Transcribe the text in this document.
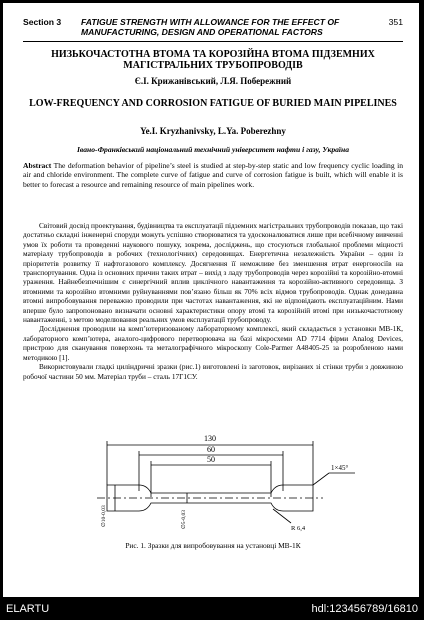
Section 3 FATIGUE STRENGTH WITH ALLOWANCE FOR THE EFFECT OF MANUFACTURING, DESIGN AND OPERATIONAL FACTORS
351
НИЗЬКОЧАСТОТНА ВТОМА ТА КОРОЗІЙНА ВТОМА ПІДЗЕМНИХ МАГІСТРАЛЬНИХ ТРУБОПРОВОДІВ
Є.І. Крижанівський, Л.Я. Побережний
LOW-FREQUENCY AND CORROSION FATIGUE OF BURIED MAIN PIPELINES
Ye.I. Kryzhanivsky, L.Ya. Poberezhny
Івано-Франківський національний технічний університет нафти і газу, Україна
Abstract The deformation behavior of pipeline’s steel is studied at step-by-step static and low frequency cyclic loading in air and chloride environment. The complete curve of fatigue and curve of corrosion fatigue is built, which will enable it is better to forecast a resource and remaining resource of main pipelines work.

Світовий досвід проектування, будівництва та експлуатації підземних магістральних трубопроводів показав, що такі достатньо складні інженерні споруди можуть успішно створюватися та удосконалюватися лише при всебічному вивченні умов їх роботи та проведенні наукового пошуку, зокрема, досліджень, що стосуються глобальної проблеми міцності матеріалу трубопроводів в робочих (технологічних) середовищах. Енергетична незалежність України – один із пріоритетів розвитку її нафтогазового комплексу. Досягнення її неможливе без зменшення втрат енергоносіїв на транспортування. Одна із основних причин таких втрат – вихід з ладу трубопроводів через корозійні та корозійно-втомні ураження. Найнебезпечнішим є синергічний вплив циклічного навантаження та корозійно-активного середовища. З втомними та корозійно втомними руйнуваннями пов’язано більш як 70% всіх відмов трубопроводів. Однак донедавна втомні випробовування переважно проводили при частотах навантаження, які не відповідають експлуатаційним. Нами вперше було запропоновано визначати основні характеристики опору втомі та корозійній втомі при низькочастотному навантаженні, з метою моделювання реальних умов експлуатації трубопроводу.

Дослідження проводили на комп’ютеризованому лабораторному комплексі, який складається з установки МВ-1К, лабораторного комп’ютера, аналого-цифрового перетворювача на базі мікросхеми AD 7714 фірми Analog Devices, пристрою для сканування поверхонь та металографічного мікроскопу Cole-Parmer A48405-25 за розробленою нами методикою [1].

Використовували гладкі циліндричні зразки (рис.1) виготовлені із заготовок, вирізаних зі стінки труби з довжиною робочої частини 50 мм. Матеріал труби – сталь 17Г1СУ.

130
60
50
1×45°
R 6,4
∅10-0,03	∅5-0,03
Рис. 1. Зразки для випробовування на установці МВ-1К
ELARTU	hdl:123456789/16810
